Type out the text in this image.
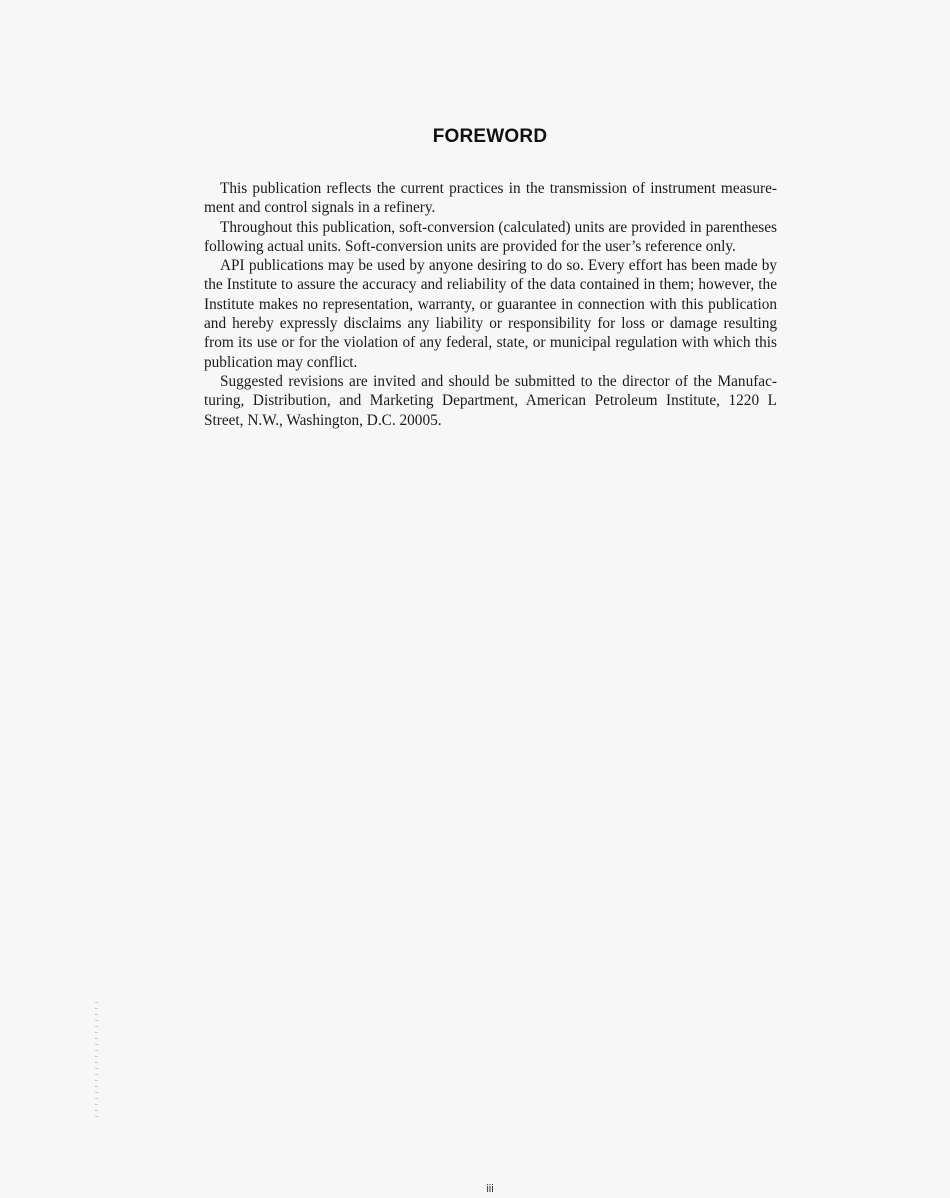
FOREWORD

This publication reflects the current practices in the transmission of instrument measurement and control signals in a refinery.

Throughout this publication, soft-conversion (calculated) units are provided in parentheses following actual units. Soft-conversion units are provided for the user’s reference only.

API publications may be used by anyone desiring to do so. Every effort has been made by the Institute to assure the accuracy and reliability of the data contained in them; however, the Institute makes no representation, warranty, or guarantee in connection with this publication and hereby expressly disclaims any liability or responsibility for loss or damage resulting from its use or for the violation of any federal, state, or municipal regulation with which this publication may conflict.

Suggested revisions are invited and should be submitted to the director of the Manufacturing, Distribution, and Marketing Department, American Petroleum Institute, 1220 L Street, N.W., Washington, D.C. 20005.

iii
